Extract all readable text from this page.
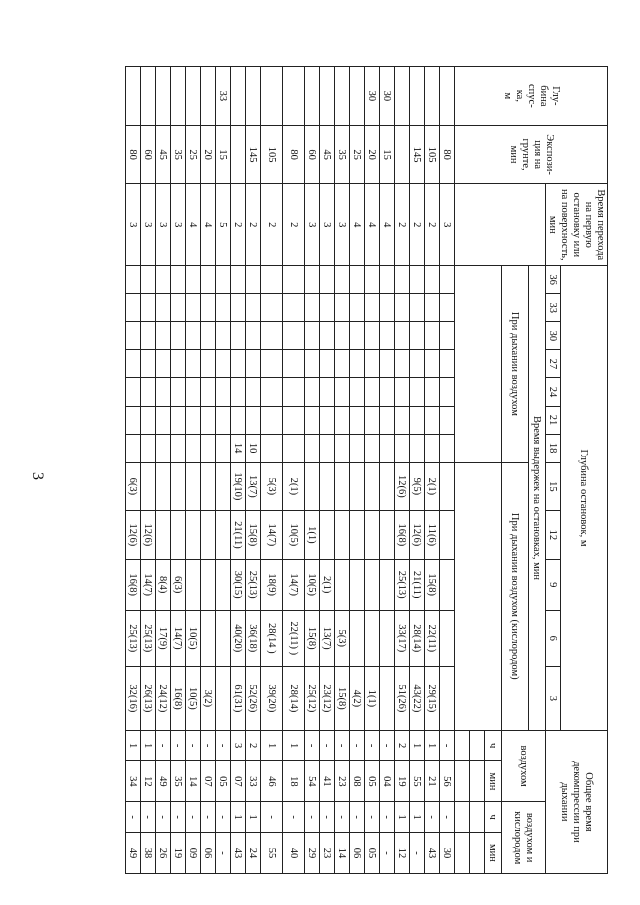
3
Глу-
бина
спус-
ка,
м	Экспози-
ция на
грунте,
мин	Время перехода
на первую
остановку или
на поверхность,
мин	Глубина остановок, м												Общее время
декомпрессии при
дыхании			
			36	33	30	27	24	21	18	15	12	9	6	3				
			Время выдержек на остановках, мин												воздухом		воздухом и
кислородом	
			При дыхании воздухом							При дыхании воздухом (кислородом)								
															ч	мин	ч	мин

	80	3													-	56	-	30
	105	2								2(1)	11(6)	15(8)	22(11)	29(15)	1	21	-	43
	145	2								9(5)	12(6)	21(11)	28(14)	43(22)	1	55	1	-
		2								12(6)	16(8)	25(13)	33(17)	51(26)	2	19	1	12
30	15	4													-	04	-	-
30	20	4												1(1)	-	05	-	05
	25	4												4(2)	-	08	-	06
	35	3											5(3)	15(8)	-	23	-	14
	45	3										2(1)	13(7)	23(12)	-	41	-	23
	60	3									1(1)	10(5)	15(8)	25(12)	-	54	-	29
	80	2								2(1)	10(5)	14(7)	22(11) )	28(14)	1	18	-	40
	105	2								5(3)	14(7)	18(9)	28(14 )	39(20)	1	46	-	55
	145	2							10	13(7)	15(8)	25(13)	36(18)	52(26)	2	33	1	24
		2							14	19(10)	21(11)	30(15)	40(20)	61(31)	3	07	1	43
33	15	5													-	05	-	-
	20	4												3(2)	-	07	-	06
	25	4											10(5)	10(5)	-	14	-	09
	35	3										6(3)	14(7)	16(8)	-	35	-	19
	45	3										8(4)	17(9)	24(12)	-	49	-	26
	60	3									12(6)	14(7)	25(13)	26(13)	1	12	-	38
	80	3								6(3)	12(6)	16(8)	25(13)	32(16)	1	34	-	49
